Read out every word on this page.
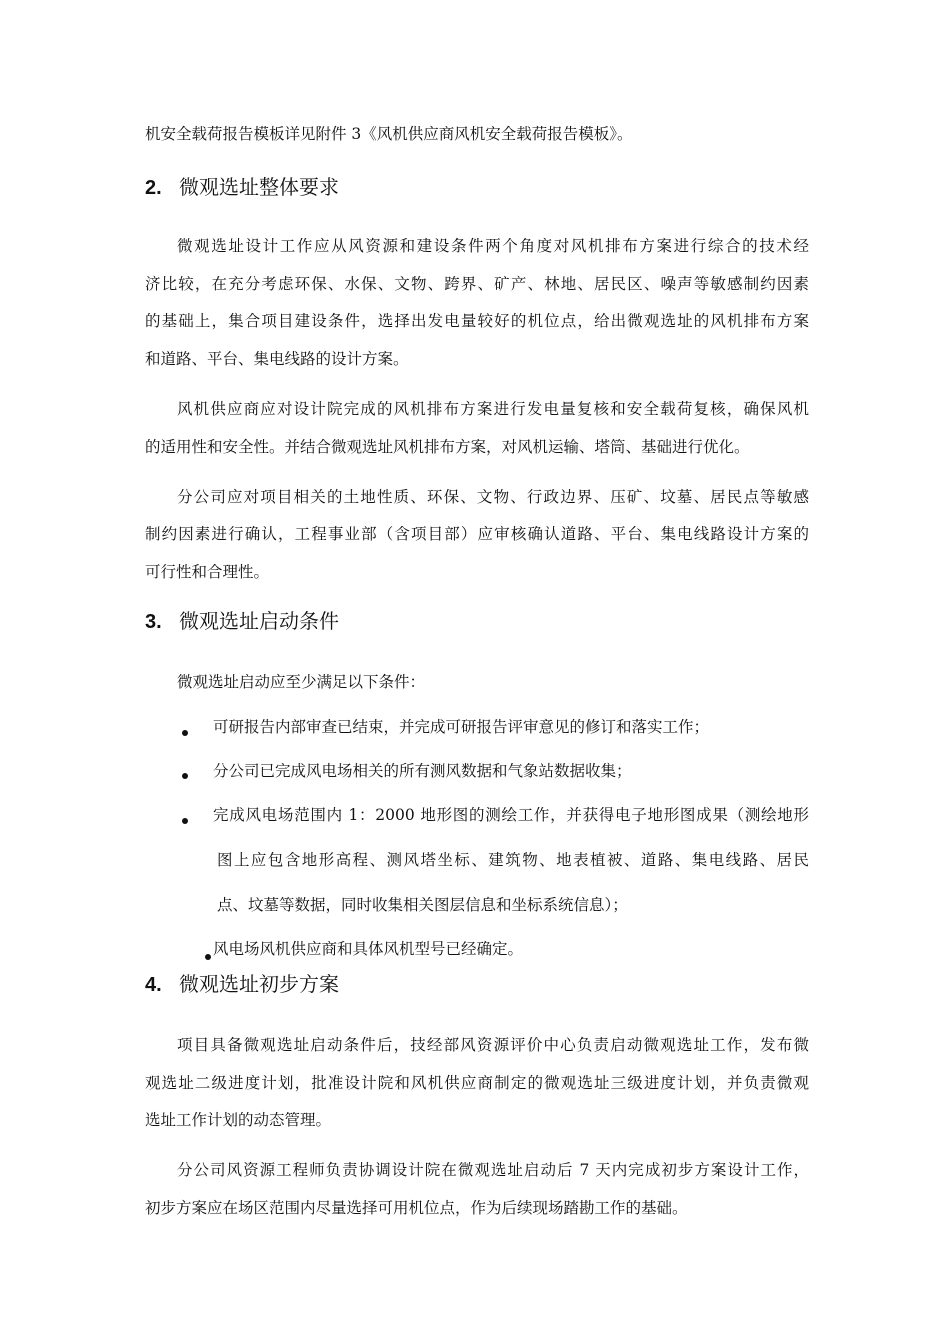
机安全载荷报告模板详见附件 3《风机供应商风机安全载荷报告模板》。
2. 微观选址整体要求
微观选址设计工作应从风资源和建设条件两个角度对风机排布方案进行综合的技术经
济比较，在充分考虑环保、水保、文物、跨界、矿产、林地、居民区、噪声等敏感制约因素
的基础上，集合项目建设条件，选择出发电量较好的机位点，给出微观选址的风机排布方案
和道路、平台、集电线路的设计方案。
风机供应商应对设计院完成的风机排布方案进行发电量复核和安全载荷复核，确保风机
的适用性和安全性。并结合微观选址风机排布方案，对风机运输、塔筒、基础进行优化。
分公司应对项目相关的土地性质、环保、文物、行政边界、压矿、坟墓、居民点等敏感
制约因素进行确认，工程事业部（含项目部）应审核确认道路、平台、集电线路设计方案的
可行性和合理性。
3. 微观选址启动条件
微观选址启动应至少满足以下条件：
可研报告内部审查已结束，并完成可研报告评审意见的修订和落实工作；
分公司已完成风电场相关的所有测风数据和气象站数据收集；
完成风电场范围内 1：2000 地形图的测绘工作，并获得电子地形图成果（测绘地形
图上应包含地形高程、测风塔坐标、建筑物、地表植被、道路、集电线路、居民
点、坟墓等数据，同时收集相关图层信息和坐标系统信息）；
风电场风机供应商和具体风机型号已经确定。
4. 微观选址初步方案
项目具备微观选址启动条件后，技经部风资源评价中心负责启动微观选址工作，发布微
观选址二级进度计划，批准设计院和风机供应商制定的微观选址三级进度计划，并负责微观
选址工作计划的动态管理。
分公司风资源工程师负责协调设计院在微观选址启动后 7 天内完成初步方案设计工作，
初步方案应在场区范围内尽量选择可用机位点，作为后续现场踏勘工作的基础。
